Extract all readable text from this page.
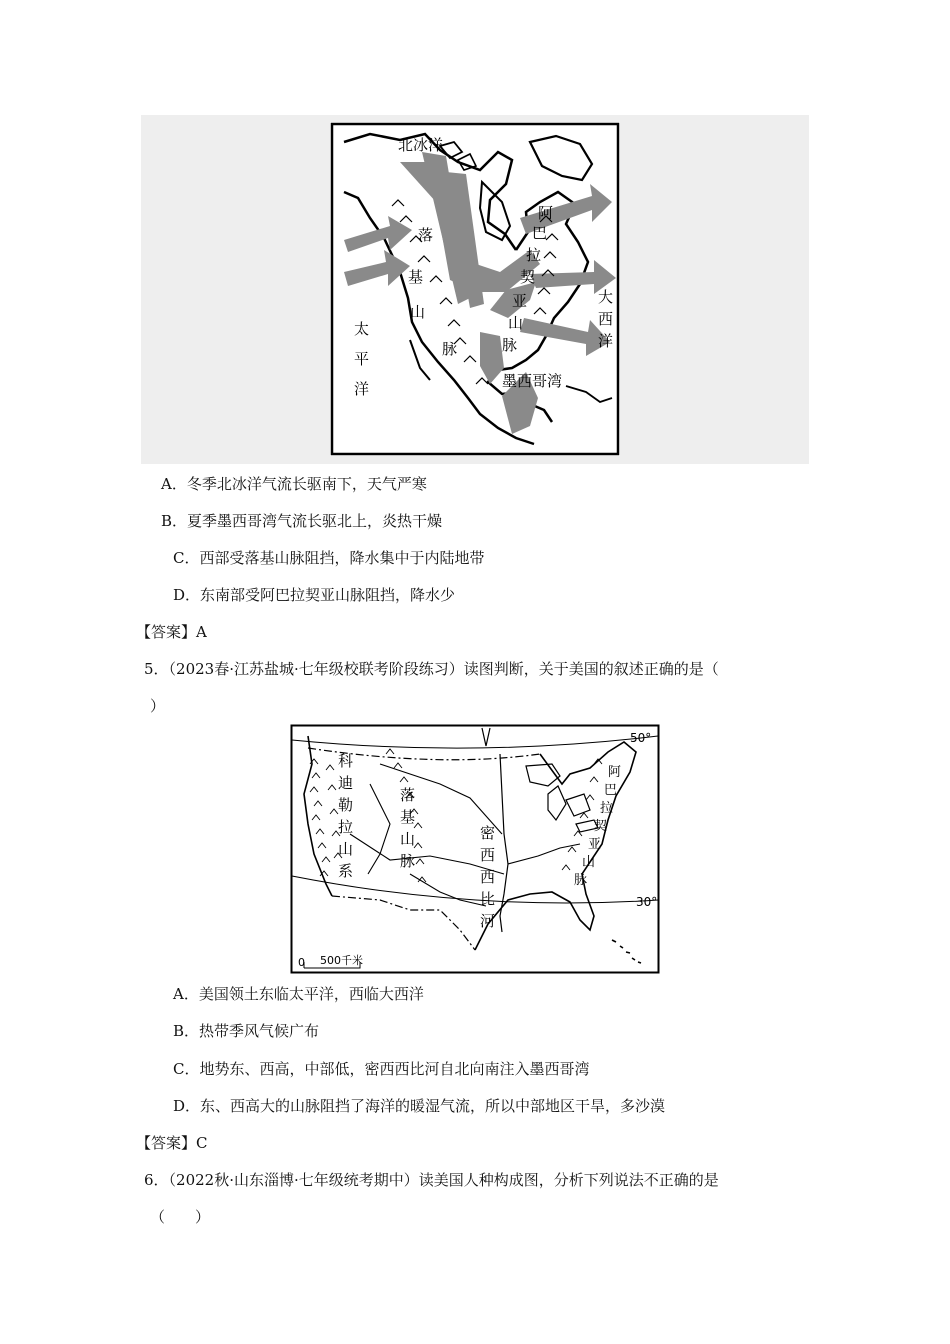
北冰洋
落
基
山
脉
阿
巴
拉
契
亚
山
脉
大
西
洋
太
平
洋	墨西哥湾
A．冬季北冰洋气流长驱南下，天气严寒
B．夏季墨西哥湾气流长驱北上，炎热干燥
C．西部受落基山脉阻挡，降水集中于内陆地带
D．东南部受阿巴拉契亚山脉阻挡，降水少
【答案】A
5．（2023春·江苏盐城·七年级校联考阶段练习）读图判断，关于美国的叙述正确的是（
）
科
迪
勒
拉
山
系
落
基
山
脉
密
西
西
比
河
阿
巴
拉
契
亚
山
脉
50°
30°
0 500千米
A．美国领土东临太平洋，西临大西洋
B．热带季风气候广布
C．地势东、西高，中部低，密西西比河自北向南注入墨西哥湾
D．东、西高大的山脉阻挡了海洋的暖湿气流，所以中部地区干旱，多沙漠
【答案】C
6．（2022秋·山东淄博·七年级统考期中）读美国人种构成图，分析下列说法不正确的是
（　　）
